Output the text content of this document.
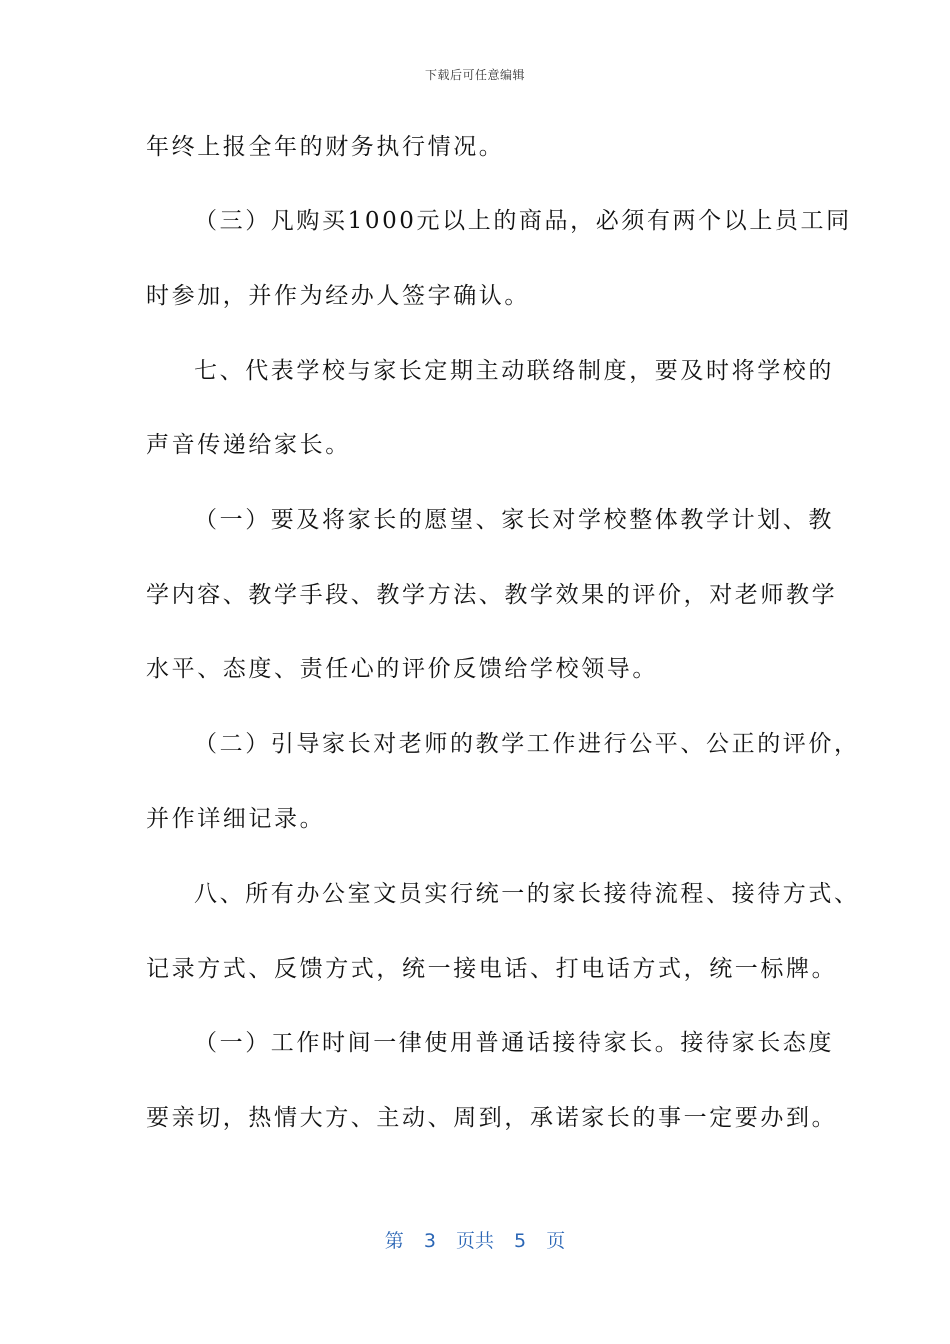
下载后可任意编辑
年终上报全年的财务执行情况。
（三）凡购买1000元以上的商品，必须有两个以上员工同
时参加，并作为经办人签字确认。
七、代表学校与家长定期主动联络制度，要及时将学校的
声音传递给家长。
（一）要及将家长的愿望、家长对学校整体教学计划、教
学内容、教学手段、教学方法、教学效果的评价，对老师教学
水平、态度、责任心的评价反馈给学校领导。
（二）引导家长对老师的教学工作进行公平、公正的评价，
并作详细记录。
八、所有办公室文员实行统一的家长接待流程、接待方式、
记录方式、反馈方式，统一接电话、打电话方式，统一标牌。
（一）工作时间一律使用普通话接待家长。接待家长态度
要亲切，热情大方、主动、周到，承诺家长的事一定要办到。
第 3 页共 5 页
